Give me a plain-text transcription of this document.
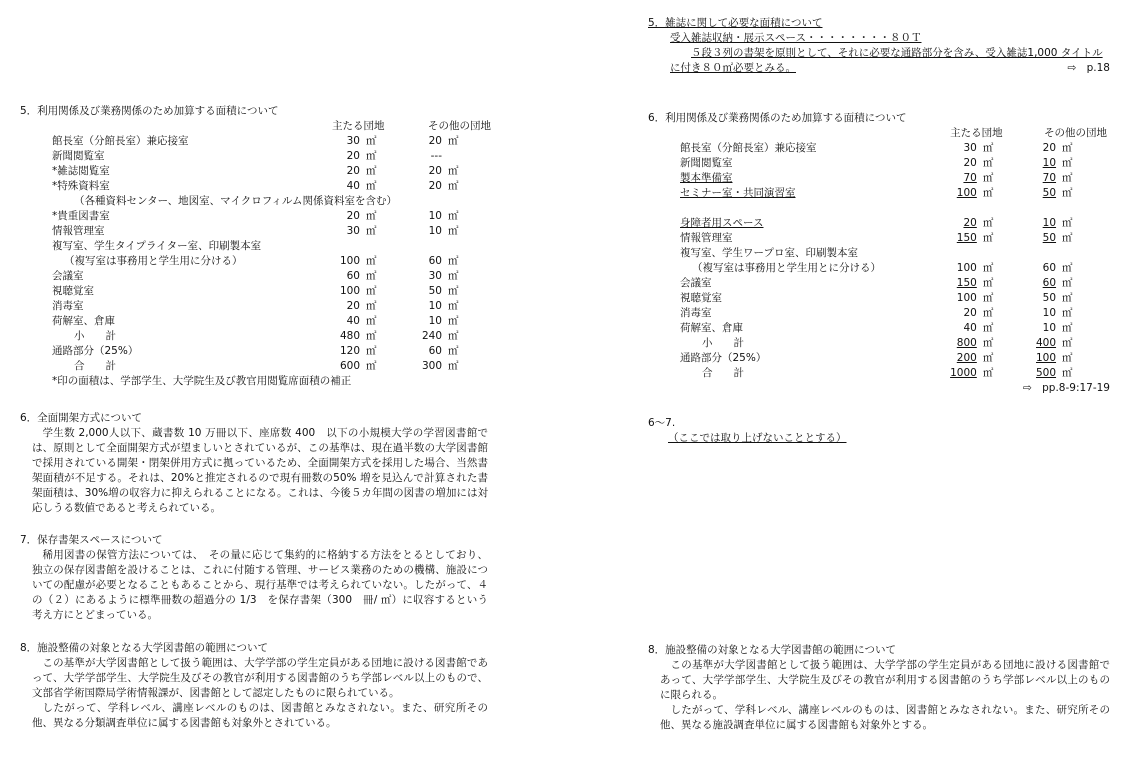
5．利用関係及び業務関係のため加算する面積について
	主たる団地		その他の団地	
館長室（分館長室）兼応接室	30	㎡	20	㎡
新聞閲覧室	20	㎡	---	
*雑誌閲覧室	20	㎡	20	㎡
*特殊資料室	40	㎡	20	㎡
（各種資料センター、地図室、マイクロフィルム関係資料室を含む）				
*貴重図書室	20	㎡	10	㎡
情報管理室	30	㎡	10	㎡
複写室、学生タイプライター室、印刷製本室				
（複写室は事務用と学生用に分ける）	100	㎡	60	㎡
会議室	60	㎡	30	㎡
視聴覚室	100	㎡	50	㎡
消毒室	20	㎡	10	㎡
荷解室、倉庫	40	㎡	10	㎡
小　　計	480	㎡	240	㎡
通路部分（25%）	120	㎡	60	㎡
合　　計	600	㎡	300	㎡
*印の面積は、学部学生、大学院生及び教官用閲覧席面積の補正				
6．全面開架方式について
学生数 2,000人以下、蔵書数 10 万冊以下、座席数 400　以下の小規模大学の学習図書館では、原則として全面開架方式が望ましいとされているが、この基準は、現在過半数の大学図書館で採用されている開架・閉架併用方式に拠っているため、全面開架方式を採用した場合、当然書架面積が不足する。それは、20%と推定されるので現有冊数の50% 増を見込んで計算された書架面積は、30%増の収容力に抑えられることになる。これは、今後５カ年間の図書の増加には対応しうる数値であると考えられている。
7．保存書架スペースについて
稀用図書の保管方法については、　その量に応じて集約的に格納する方法をとるとしており、独立の保存図書館を設けることは、これに付随する管理、サービス業務のための機構、施設についての配慮が必要となることもあることから、現行基準では考えられていない。したがって、４の（２）にあるように標準冊数の超過分の 1/3　を保存書架（300　冊/ ㎡）に収容するという考え方にとどまっている。
8．施設整備の対象となる大学図書館の範囲について
この基準が大学図書館として扱う範囲は、大学学部の学生定員がある団地に設ける図書館であって、大学学部学生、大学院生及びその教官が利用する図書館のうち学部レベル以上のもので、文部省学術国際局学術情報課が、図書館として認定したものに限られている。
したがって、学科レベル、講座レベルのものは、図書館とみなされない。また、研究所その他、異なる分類調査単位に属する図書館も対象外とされている。
5．雑誌に関して必要な面積について
受入雑誌収納・展示スペース・・・・・・・・８０Ｔ
５段３列の書架を原則として、それに必要な通路部分を含み、受入雑誌1,000 タイトルに付き８０㎡必要とみる。	⇨　p.18
6．利用関係及び業務関係のため加算する面積について
	主たる団地		その他の団地	
館長室（分館長室）兼応接室	30	㎡	20	㎡
新聞閲覧室	20	㎡	10	㎡
製本準備室	70	㎡	70	㎡
セミナー室・共同演習室	100	㎡	50	㎡

身障者用スペース	20	㎡	10	㎡
情報管理室	150	㎡	50	㎡
複写室、学生ワープロ室、印刷製本室				
（複写室は事務用と学生用とに分ける）	100	㎡	60	㎡
会議室	150	㎡	60	㎡
視聴覚室	100	㎡	50	㎡
消毒室	20	㎡	10	㎡
荷解室、倉庫	40	㎡	10	㎡
小　　計	800	㎡	400	㎡
通路部分（25%）	200	㎡	100	㎡
合　　計	1000	㎡	500	㎡
⇨　pp.8-9:17-19
6～7.
（ここでは取り上げないこととする）
8．施設整備の対象となる大学図書館の範囲について
この基準が大学図書館として扱う範囲は、大学学部の学生定員がある団地に設ける図書館であって、大学学部学生、大学院生及びその教官が利用する図書館のうち学部レベル以上のものに限られる。
したがって、学科レベル、講座レベルのものは、図書館とみなされない。また、研究所その他、異なる施設調査単位に属する図書館も対象外とする。
